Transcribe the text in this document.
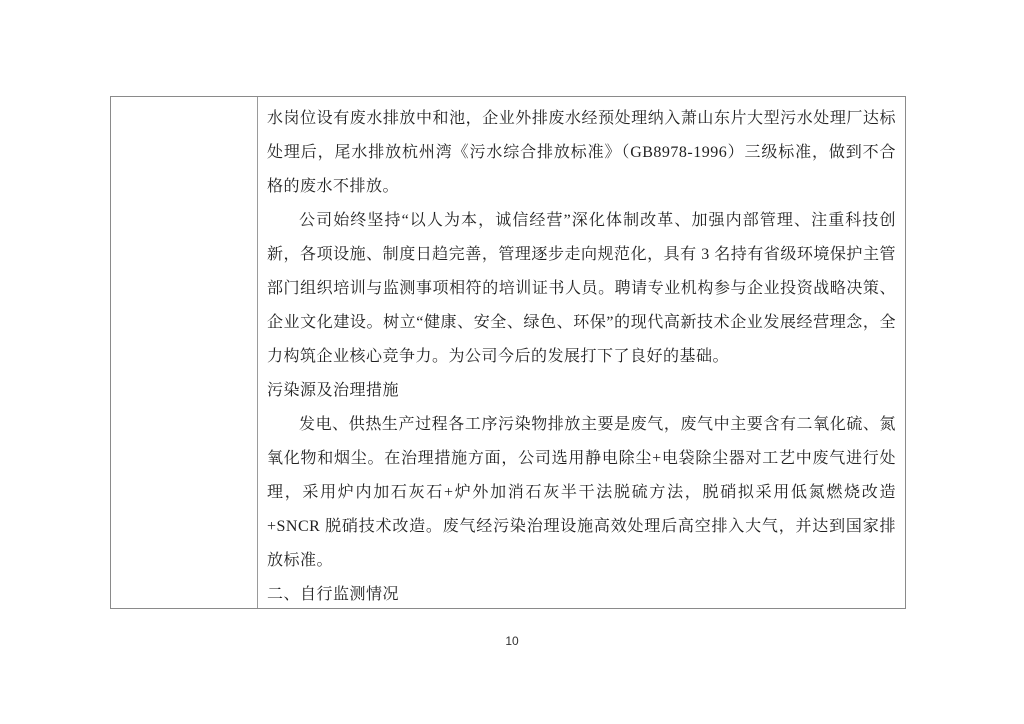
水岗位设有废水排放中和池，企业外排废水经预处理纳入萧山东片大型污水处理厂达标处理后，尾水排放杭州湾《污水综合排放标准》（GB8978-1996）三级标准，做到不合格的废水不排放。

公司始终坚持“以人为本，诚信经营”深化体制改革、加强内部管理、注重科技创新，各项设施、制度日趋完善，管理逐步走向规范化，具有 3 名持有省级环境保护主管部门组织培训与监测事项相符的培训证书人员。聘请专业机构参与企业投资战略决策、企业文化建设。树立“健康、安全、绿色、环保”的现代高新技术企业发展经营理念，全力构筑企业核心竞争力。为公司今后的发展打下了良好的基础。

污染源及治理措施

发电、供热生产过程各工序污染物排放主要是废气，废气中主要含有二氧化硫、氮氧化物和烟尘。在治理措施方面，公司选用静电除尘+电袋除尘器对工艺中废气进行处理，采用炉内加石灰石+炉外加消石灰半干法脱硫方法，脱硝拟采用低氮燃烧改造+SNCR 脱硝技术改造。废气经污染治理设施高效处理后高空排入大气，并达到国家排放标准。

二、自行监测情况

10
